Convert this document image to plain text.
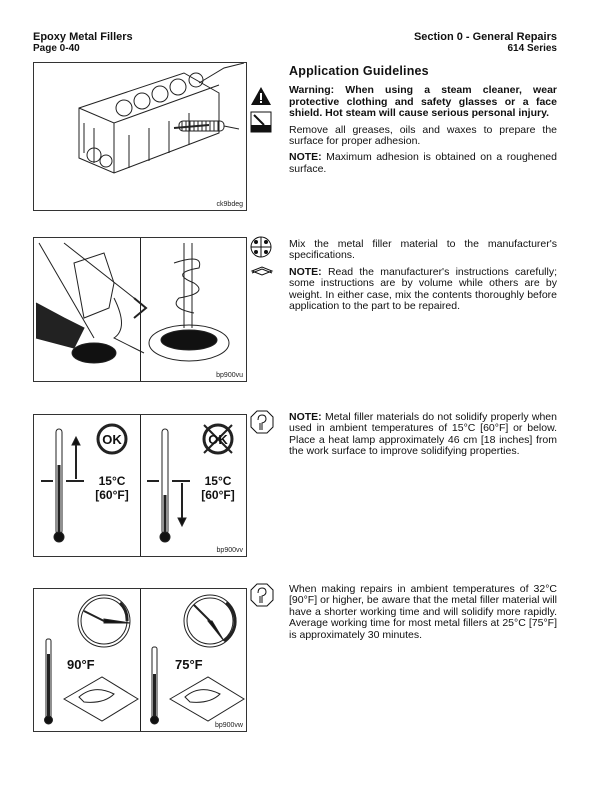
Epoxy Metal Fillers
Page 0-40
Section 0 - General Repairs
614 Series
ck9bdeg
Application Guidelines

Warning: When using a steam cleaner, wear protective clothing and safety glasses or a face shield. Hot steam will cause serious personal injury.

Remove all greases, oils and waxes to prepare the surface for proper adhesion.

NOTE: Maximum adhesion is obtained on a roughened surface.

bp900vu

Mix the metal filler material to the manufacturer's specifications.

NOTE: Read the manufacturer's instructions carefully; some instructions are by volume while others are by weight. In either case, mix the contents thoroughly before application to the part to be repaired.

OK	OK
15°C
[60°F]
15°C
[60°F]
bp900vv

NOTE: Metal filler materials do not solidify properly when used in ambient temperatures of 15°C [60°F] or below. Place a heat lamp approximately 46 cm [18 inches] from the work surface to improve solidifying properties.

90°F	75°F
bp900vw

When making repairs in ambient temperatures of 32°C [90°F] or higher, be aware that the metal filler material will have a shorter working time and will solidify more rapidly. Average working time for most metal fillers at 25°C [75°F] is approximately 30 minutes.
